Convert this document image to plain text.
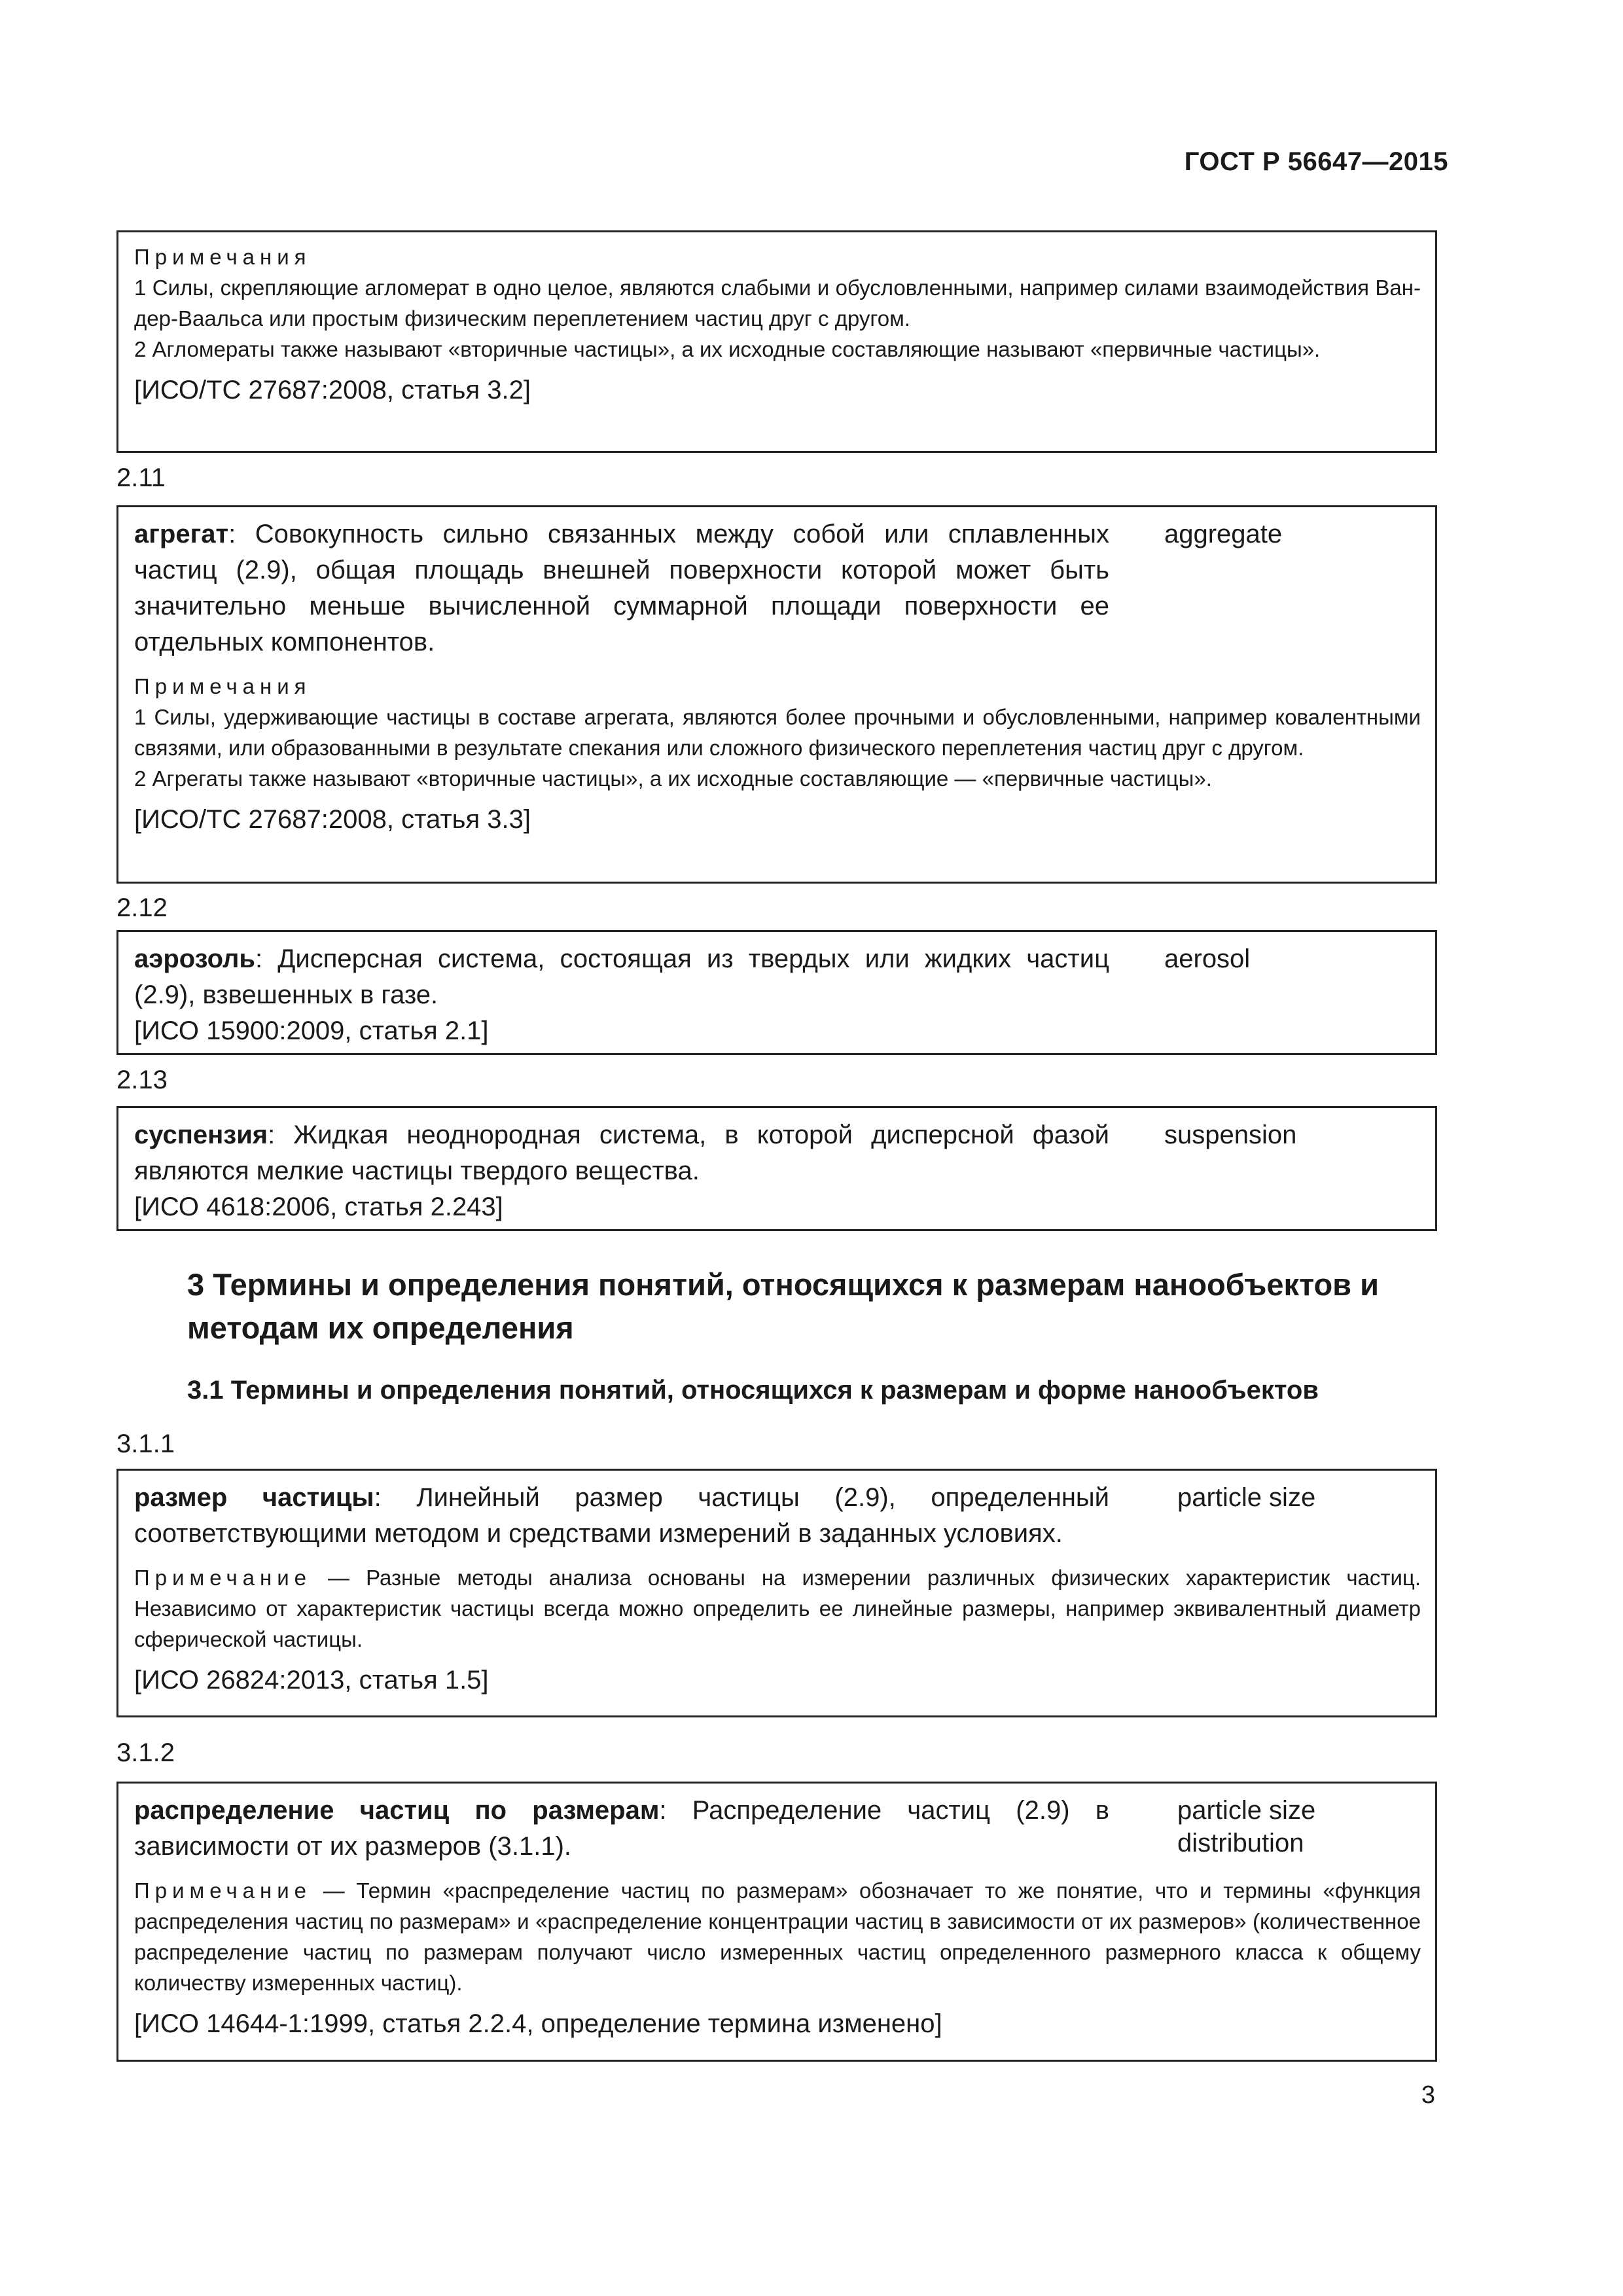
ГОСТ Р 56647—2015
Примечания
1 Силы, скрепляющие агломерат в одно целое, являются слабыми и обусловленными, например силами взаимодействия Ван-дер-Ваальса или простым физическим переплетением частиц друг с другом.
2 Агломераты также называют «вторичные частицы», а их исходные составляющие называют «первичные частицы».
[ИСО/ТС 27687:2008, статья 3.2]
2.11
агрегат: Совокупность сильно связанных между собой или сплавленных частиц (2.9), общая площадь внешней поверхности которой может быть значительно меньше вычисленной суммарной площади поверхности ее отдельных компонентов.
aggregate
Примечания
1 Силы, удерживающие частицы в составе агрегата, являются более прочными и обусловленными, например ковалентными связями, или образованными в результате спекания или сложного физического переплетения частиц друг с другом.
2 Агрегаты также называют «вторичные частицы», а их исходные составляющие — «первичные частицы».
[ИСО/ТС 27687:2008, статья 3.3]
2.12
аэрозоль: Дисперсная система, состоящая из твердых или жидких частиц (2.9), взвешенных в газе.
aerosol
[ИСО 15900:2009, статья 2.1]
2.13
суспензия: Жидкая неоднородная система, в которой дисперсной фазой являются мелкие частицы твердого вещества.
suspension
[ИСО 4618:2006, статья 2.243]
3 Термины и определения понятий, относящихся к размерам нанообъектов и методам их определения
3.1 Термины и определения понятий, относящихся к размерам и форме нанообъектов
3.1.1
размер частицы: Линейный размер частицы (2.9), определенный соответствующими методом и средствами измерений в заданных условиях.
particle size
Примечание — Разные методы анализа основаны на измерении различных физических характеристик частиц. Независимо от характеристик частицы всегда можно определить ее линейные размеры, например эквивалентный диаметр сферической частицы.
[ИСО 26824:2013, статья 1.5]
3.1.2
распределение частиц по размерам: Распределение частиц (2.9) в зависимости от их размеров (3.1.1).
particle size distribution
Примечание — Термин «распределение частиц по размерам» обозначает то же понятие, что и термины «функция распределения частиц по размерам» и «распределение концентрации частиц в зависимости от их размеров» (количественное распределение частиц по размерам получают число измеренных частиц определенного размерного класса к общему количеству измеренных частиц).
[ИСО 14644-1:1999, статья 2.2.4, определение термина изменено]
3
